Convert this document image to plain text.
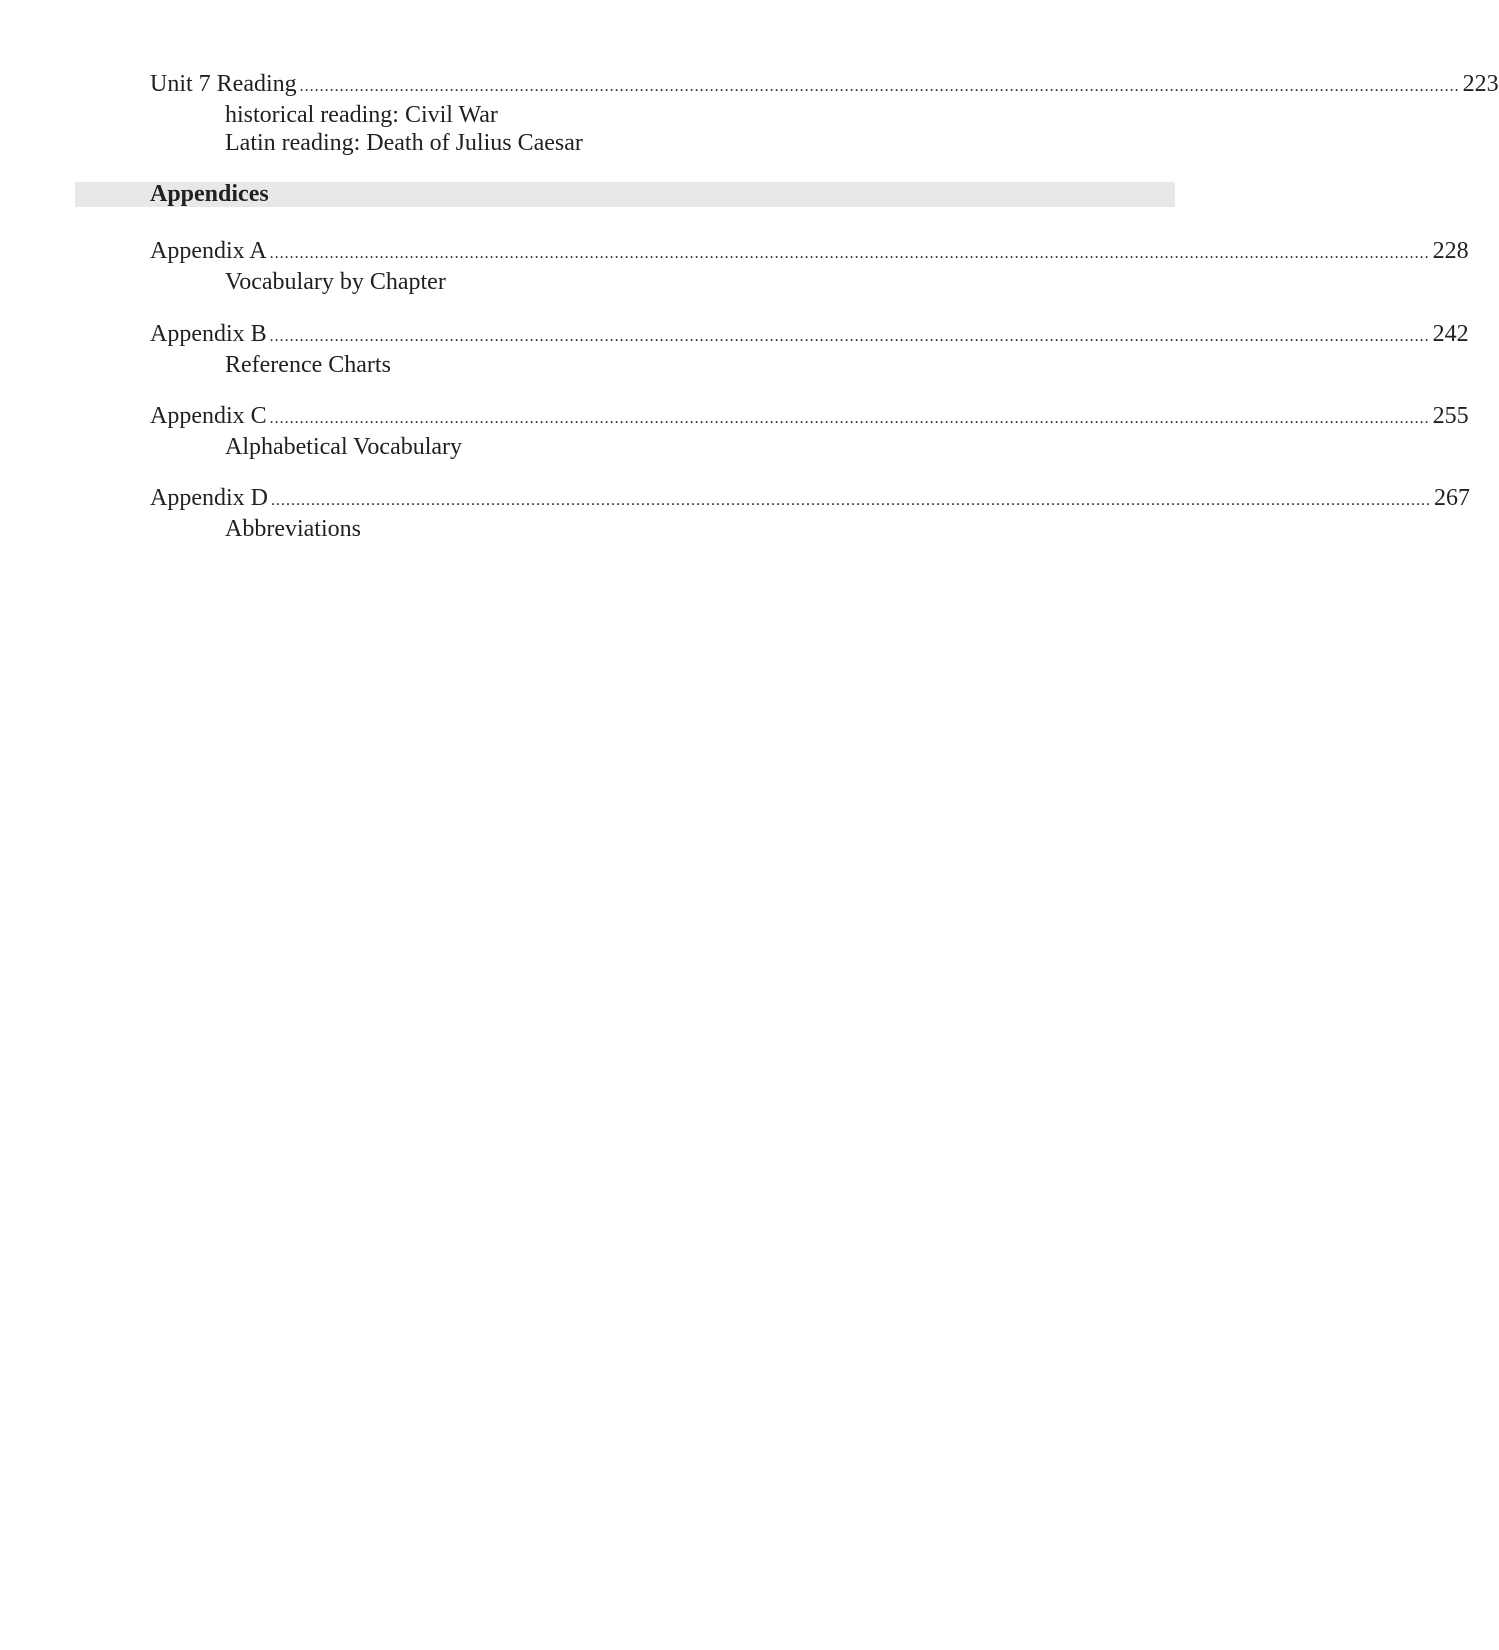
Unit 7 Reading ........................................................................................................................................................................................................................................ 223
historical reading: Civil War
Latin reading: Death of Julius Caesar
Appendices
Appendix A ........................................................................................................................................................................................................................................ 228
Vocabulary by Chapter
Appendix B ........................................................................................................................................................................................................................................ 242
Reference Charts
Appendix C ........................................................................................................................................................................................................................................ 255
Alphabetical Vocabulary
Appendix D ........................................................................................................................................................................................................................................ 267
Abbreviations
